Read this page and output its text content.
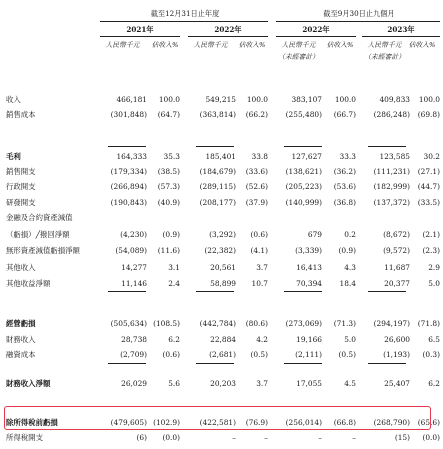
截至12月31日止年度	截至9月30日止九個月
2021年	2022年	2022年	2023年
人民幣千元	佔收入%	人民幣千元	佔收入%	人民幣千元	佔收入%	人民幣千元	佔收入%
（未經審計）	（未經審計）
收入	466,181	100.0	549,215	100.0	383,107	100.0	409,833	100.0
銷售成本	(301,848)	(64.7)	(363,814)	(66.2)	(255,480)	(66.7)	(286,248)	(69.8)
毛利	164,333	35.3	185,401	33.8	127,627	33.3	123,585	30.2
銷售開支	(179,334)	(38.5)	(184,679)	(33.6)	(138,621)	(36.2)	(111,231)	(27.1)
行政開支	(266,894)	(57.3)	(289,115)	(52.6)	(205,223)	(53.6)	(182,999)	(44.7)
研發開支	(190,843)	(40.9)	(208,177)	(37.9)	(140,999)	(36.8)	(137,372)	(33.5)
金融及合約資產減值
（虧損）╱撥回淨額	(4,230)	(0.9)	(3,292)	(0.6)	679	0.2	(8,672)	(2.1)
無形資產減值虧損淨額	(54,089)	(11.6)	(22,382)	(4.1)	(3,339)	(0.9)	(9,572)	(2.3)
其他收入	14,277	3.1	20,561	3.7	16,413	4.3	11,687	2.9
其他收益淨額	11,146	2.4	58,899	10.7	70,394	18.4	20,377	5.0
經營虧損	(505,634) (108.5)	(442,784)	(80.6)	(273,069)	(71.3)	(294,197)	(71.8)
財務收入	28,738	6.2	22,884	4.2	19,166	5.0	26,600	6.5
融資成本	(2,709)	(0.6)	(2,681)	(0.5)	(2,111)	(0.5)	(1,193)	(0.3)
財務收入淨額	26,029	5.6	20,203	3.7	17,055	4.5	25,407	6.2
除所得稅前虧損	(479,605) (102.9)	(422,581)	(76.9)	(256,014)	(66.8)	(268,790)	(65.6)
所得稅開支	(6)	(0.0)	–	–	–	–	(15)	(0.0)
